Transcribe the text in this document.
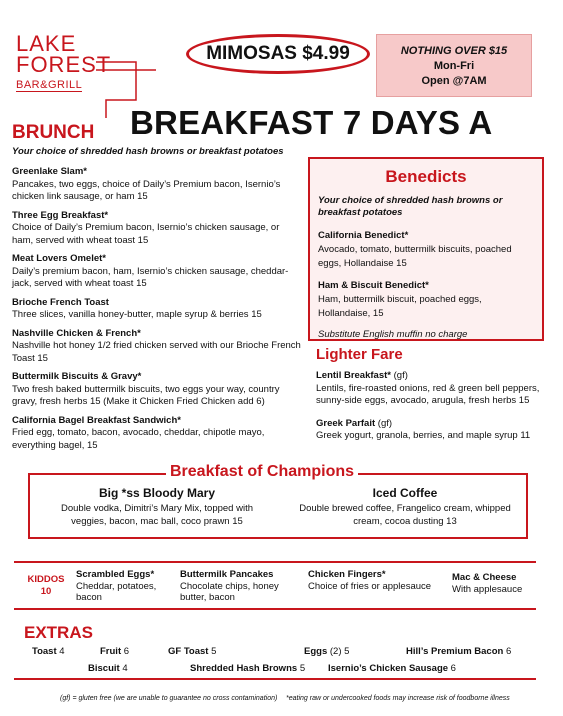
LAKE
FOREST
BAR&GRILL
MIMOSAS $4.99	NOTHING OVER $15
Mon-Fri
Open @7AM
BREAKFAST 7 DAYS A
BRUNCH
Your choice of shredded hash browns or breakfast potatoes
Greenlake Slam*
Pancakes, two eggs, choice of Daily’s Premium bacon, Isernio’s chicken link sausage, or ham 15
Three Egg Breakfast*
Choice of Daily’s Premium bacon, Isernio’s chicken sausage, or ham, served with wheat toast 15
Meat Lovers Omelet*
Daily’s premium bacon, ham, Isernio’s chicken sausage, cheddar-jack, served with wheat toast 15
Brioche French Toast
Three slices, vanilla honey-butter, maple syrup & berries 15
Nashville Chicken & French*
Nashville hot honey 1/2 fried chicken served with our Brioche French Toast 15
Buttermilk Biscuits & Gravy*
Two fresh baked buttermilk biscuits, two eggs your way, country gravy, fresh herbs 15 (Make it Chicken Fried Chicken add 6)
California Bagel Breakfast Sandwich*
Fried egg, tomato, bacon, avocado, cheddar, chipotle mayo, everything bagel, 15
Benedicts
Your choice of shredded hash browns or breakfast potatoes
California Benedict*
Avocado, tomato, buttermilk biscuits, poached eggs, Hollandaise 15
Ham & Biscuit Benedict*
Ham, buttermilk biscuit, poached eggs, Hollandaise, 15
Substitute English muffin no charge
Lighter Fare
Lentil Breakfast* (gf)
Lentils, fire-roasted onions, red & green bell peppers, sunny-side eggs, avocado, arugula, fresh herbs 15
Greek Parfait (gf)
Greek yogurt, granola, berries, and maple syrup 11
Breakfast of Champions
Big *ss Bloody Mary
Double vodka, Dimitri’s Mary Mix, topped with veggies, bacon, mac ball, coco prawn 15
Iced Coffee
Double brewed coffee, Frangelico cream, whipped cream, cocoa dusting 13
KIDDOS
10
Scrambled Eggs*
Cheddar, potatoes, bacon
Buttermilk Pancakes
Chocolate chips, honey butter, bacon
Chicken Fingers*
Choice of fries or applesauce
Mac & Cheese
With applesauce
EXTRAS
Toast 4	Fruit 6	GF Toast 5	Eggs (2) 5	Hill’s Premium Bacon 6
Biscuit 4	Shredded Hash Browns 5 Isernio’s Chicken Sausage 6
(gf) = gluten free (we are unable to guarantee no cross contamination) *eating raw or undercooked foods may increase risk of foodborne illness
